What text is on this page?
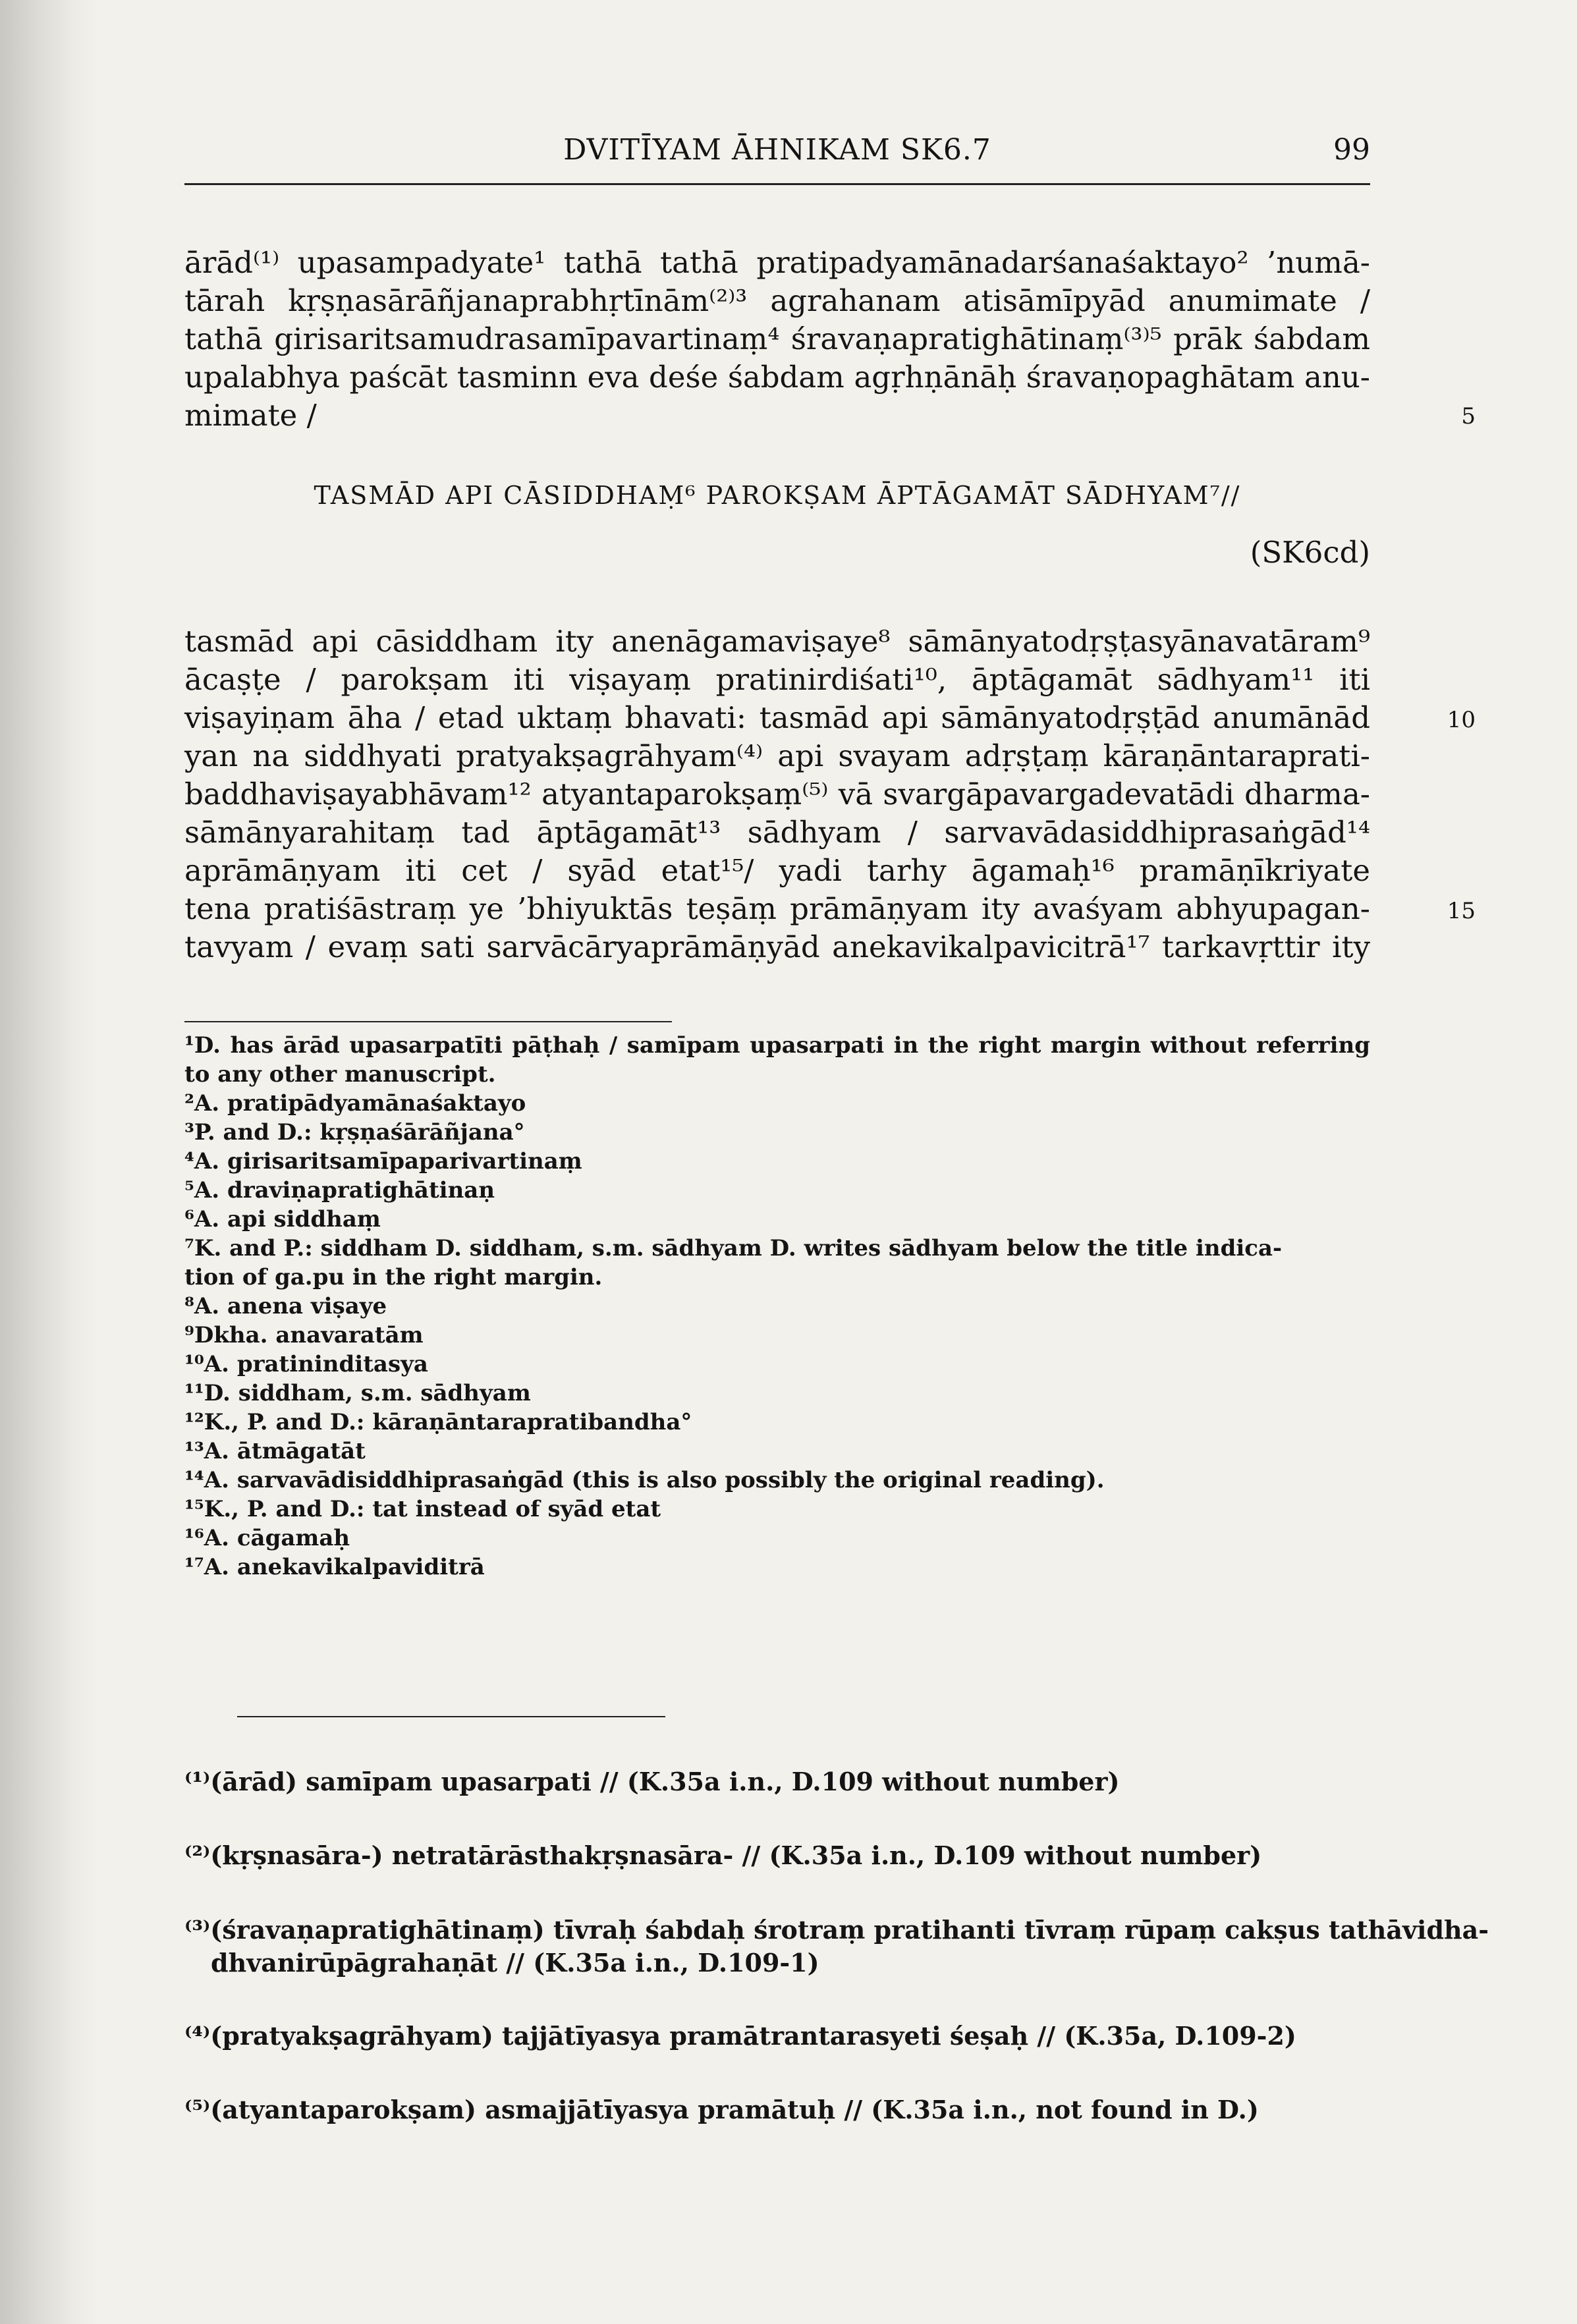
DVITĪYAM ĀHNIKAM SK6.7	99
ārād⁽¹⁾ upasampadyate¹ tathā tathā pratipadyamānadarśanaśaktayo² ’numā-
tārah kṛṣṇasārāñjanaprabhṛtīnām⁽²⁾³ agrahanam atisāmīpyād anumimate /
tathā girisaritsamudrasamīpavartinaṃ⁴ śravaṇapratighātinaṃ⁽³⁾⁵ prāk śabdam
upalabhya paścāt tasminn eva deśe śabdam agṛhṇānāḥ śravaṇopaghātam anu-
mimate /	5
TASMĀD API CĀSIDDHAṂ⁶ PAROKṢAM ĀPTĀGAMĀT SĀDHYAM⁷//
(SK6cd)
tasmād api cāsiddham ity anenāgamaviṣaye⁸ sāmānyatodṛṣṭasyānavatāram⁹
ācaṣṭe / parokṣam iti viṣayaṃ pratinirdiśati¹⁰, āptāgamāt sādhyam¹¹ iti
viṣayiṇam āha / etad uktaṃ bhavati: tasmād api sāmānyatodṛṣṭād anumānād
yan na siddhyati pratyakṣagrāhyam⁽⁴⁾ api svayam adṛṣṭaṃ kāraṇāntaraprati-
baddhaviṣayabhāvam¹² atyantaparokṣaṃ⁽⁵⁾ vā svargāpavargadevatādi dharma-
sāmānyarahitaṃ tad āptāgamāt¹³ sādhyam / sarvavādasiddhiprasaṅgād¹⁴
aprāmāṇyam iti cet / syād etat¹⁵/ yadi tarhy āgamaḥ¹⁶ pramāṇīkriyate
tena pratiśāstraṃ ye ’bhiyuktās teṣāṃ prāmāṇyam ity avaśyam abhyupagan-
tavyam / evaṃ sati sarvācāryaprāmāṇyād anekavikalpavicitrā¹⁷ tarkavṛttir ity
10
15
¹D. has ārād upasarpatīti pāṭhaḥ / samīpam upasarpati in the right margin without referring
to any other manuscript.
²A. pratipādyamānaśaktayo
³P. and D.: kṛṣṇaśārāñjana°
⁴A. girisaritsamīpaparivartinaṃ
⁵A. draviṇapratighātinaṇ
⁶A. api siddhaṃ
⁷K. and P.: siddham D. siddham, s.m. sādhyam D. writes sādhyam below the title indica-
tion of ga.pu in the right margin.
⁸A. anena viṣaye
⁹Dkha. anavaratām
¹⁰A. pratininditasya
¹¹D. siddham, s.m. sādhyam
¹²K., P. and D.: kāraṇāntarapratibandha°
¹³A. ātmāgatāt
¹⁴A. sarvavādisiddhiprasaṅgād (this is also possibly the original reading).
¹⁵K., P. and D.: tat instead of syād etat
¹⁶A. cāgamaḥ
¹⁷A. anekavikalpaviditrā
⁽¹⁾(ārād) samīpam upasarpati // (K.35a i.n., D.109 without number)
⁽²⁾(kṛṣnasāra-) netratārāsthakṛṣnasāra- // (K.35a i.n., D.109 without number)
⁽³⁾(śravaṇapratighātinaṃ) tīvraḥ śabdaḥ śrotraṃ pratihanti tīvraṃ rūpaṃ cakṣus tathāvidha-
dhvanirūpāgrahaṇāt // (K.35a i.n., D.109-1)
⁽⁴⁾(pratyakṣagrāhyam) tajjātīyasya pramātrantarasyeti śeṣaḥ // (K.35a, D.109-2)
⁽⁵⁾(atyantaparokṣam) asmajjātīyasya pramātuḥ // (K.35a i.n., not found in D.)
